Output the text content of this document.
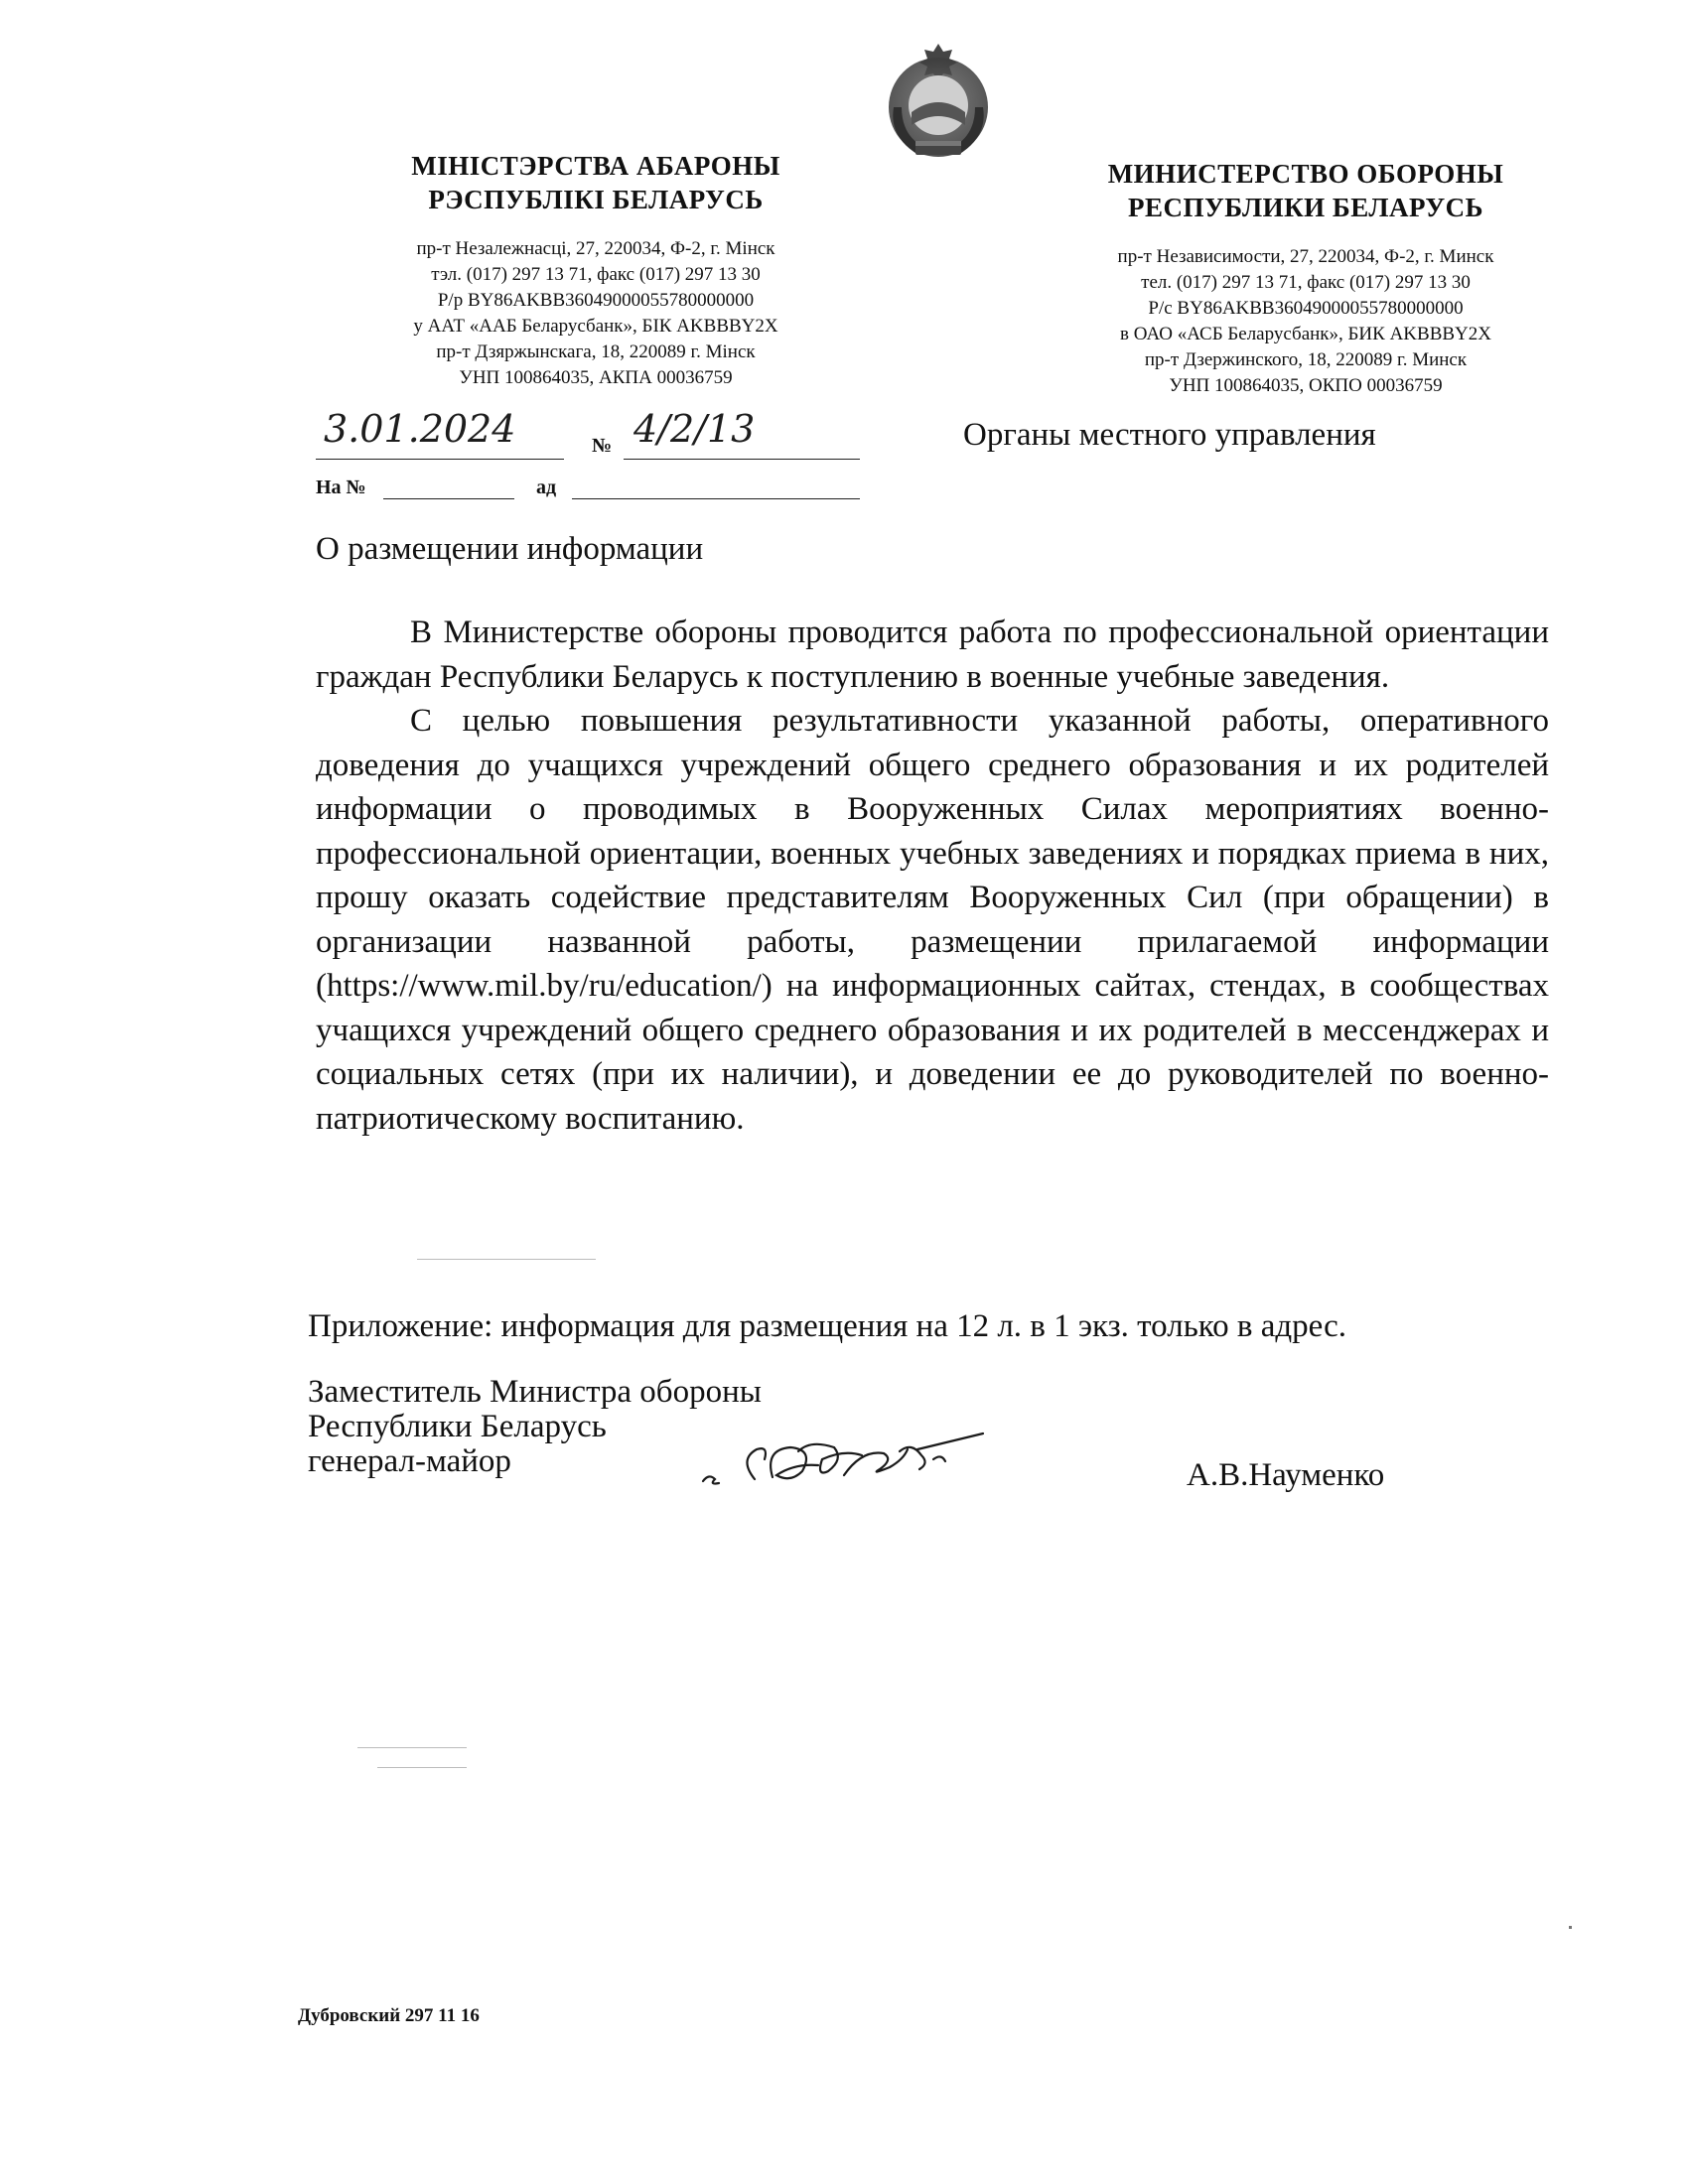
МІНІСТЭРСТВА АБАРОНЫ
РЭСПУБЛІКІ БЕЛАРУСЬ
пр-т Незалежнасці, 27, 220034, Ф-2, г. Мінск
тэл. (017) 297 13 71, факс (017) 297 13 30
Р/р BY86AKBB36049000055780000000
у ААТ «ААБ Беларусбанк», БІК AKBBBY2X
пр-т Дзяржынскага, 18, 220089 г. Мінск
УНП 100864035, АКПА 00036759
МИНИСТЕРСТВО ОБОРОНЫ
РЕСПУБЛИКИ БЕЛАРУСЬ
пр-т Независимости, 27, 220034, Ф-2, г. Минск
тел. (017) 297 13 71, факс (017) 297 13 30
Р/с BY86AKBB36049000055780000000
в ОАО «АСБ Беларусбанк», БИК AKBBBY2X
пр-т Дзержинского, 18, 220089 г. Минск
УНП 100864035, ОКПО 00036759
3.01.2024	№ 4/2/13
На №	ад
Органы местного управления
О размещении информации

В Министерстве обороны проводится работа по профессиональной ориентации граждан Республики Беларусь к поступлению в военные учебные заведения.

С целью повышения результативности указанной работы, оперативного доведения до учащихся учреждений общего среднего образования и их родителей информации о проводимых в Вооруженных Силах мероприятиях военно-профессиональной ориентации, военных учебных заведениях и порядках приема в них, прошу оказать содействие представителям Вооруженных Сил (при обращении) в организации названной работы, размещении прилагаемой информации (https://www.mil.by/ru/education/) на информационных сайтах, стендах, в сообществах учащихся учреждений общего среднего образования и их родителей в мессенджерах и социальных сетях (при их наличии), и доведении ее до руководителей по военно-патриотическому воспитанию.

Приложение: информация для размещения на 12 л. в 1 экз. только в адрес.
Заместитель Министра обороны
Республики Беларусь
генерал-майор	А.В.Науменко
Дубровский 297 11 16
